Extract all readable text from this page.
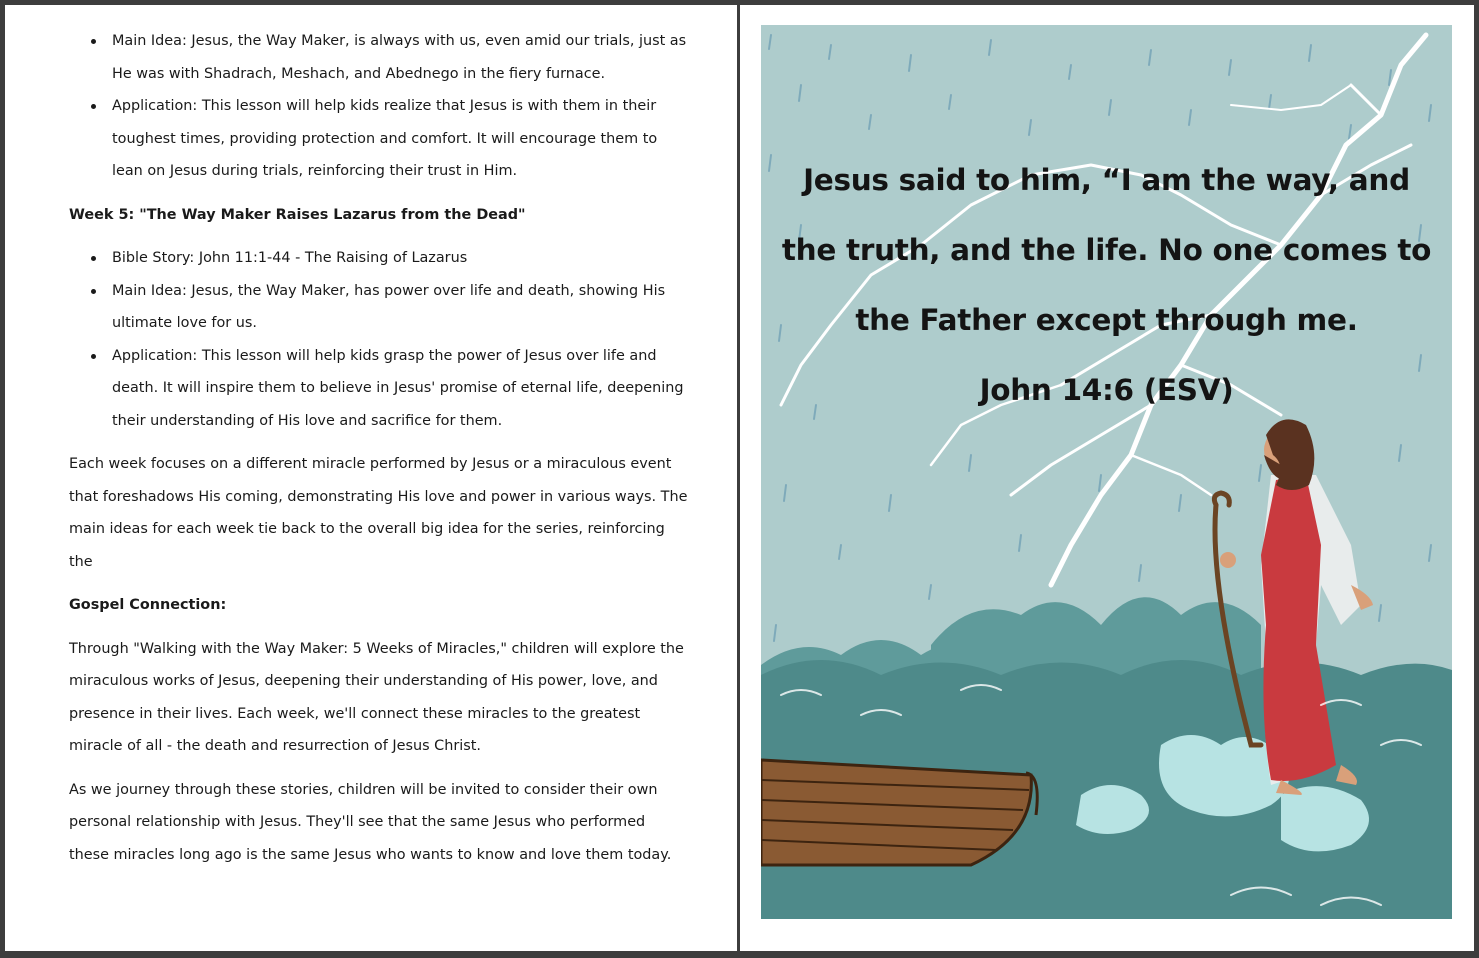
Main Idea: Jesus, the Way Maker, is always with us, even amid our trials, just as He was with Shadrach, Meshach, and Abednego in the fiery furnace.
Application: This lesson will help kids realize that Jesus is with them in their toughest times, providing protection and comfort. It will encourage them to lean on Jesus during trials, reinforcing their trust in Him.

Week 5: "The Way Maker Raises Lazarus from the Dead"

Bible Story: John 11:1-44 - The Raising of Lazarus
Main Idea: Jesus, the Way Maker, has power over life and death, showing His ultimate love for us.
Application: This lesson will help kids grasp the power of Jesus over life and death. It will inspire them to believe in Jesus' promise of eternal life, deepening their understanding of His love and sacrifice for them.

Each week focuses on a different miracle performed by Jesus or a miraculous event that foreshadows His coming, demonstrating His love and power in various ways. The main ideas for each week tie back to the overall big idea for the series, reinforcing the

Gospel Connection:

Through "Walking with the Way Maker: 5 Weeks of Miracles," children will explore the miraculous works of Jesus, deepening their understanding of His power, love, and presence in their lives. Each week, we'll connect these miracles to the greatest miracle of all - the death and resurrection of Jesus Christ.

As we journey through these stories, children will be invited to consider their own personal relationship with Jesus. They'll see that the same Jesus who performed these miracles long ago is the same Jesus who wants to know and love them today.

Jesus said to him, “I am the way, and the truth, and the life. No one comes to the Father except through me.
John 14:6 (ESV)
